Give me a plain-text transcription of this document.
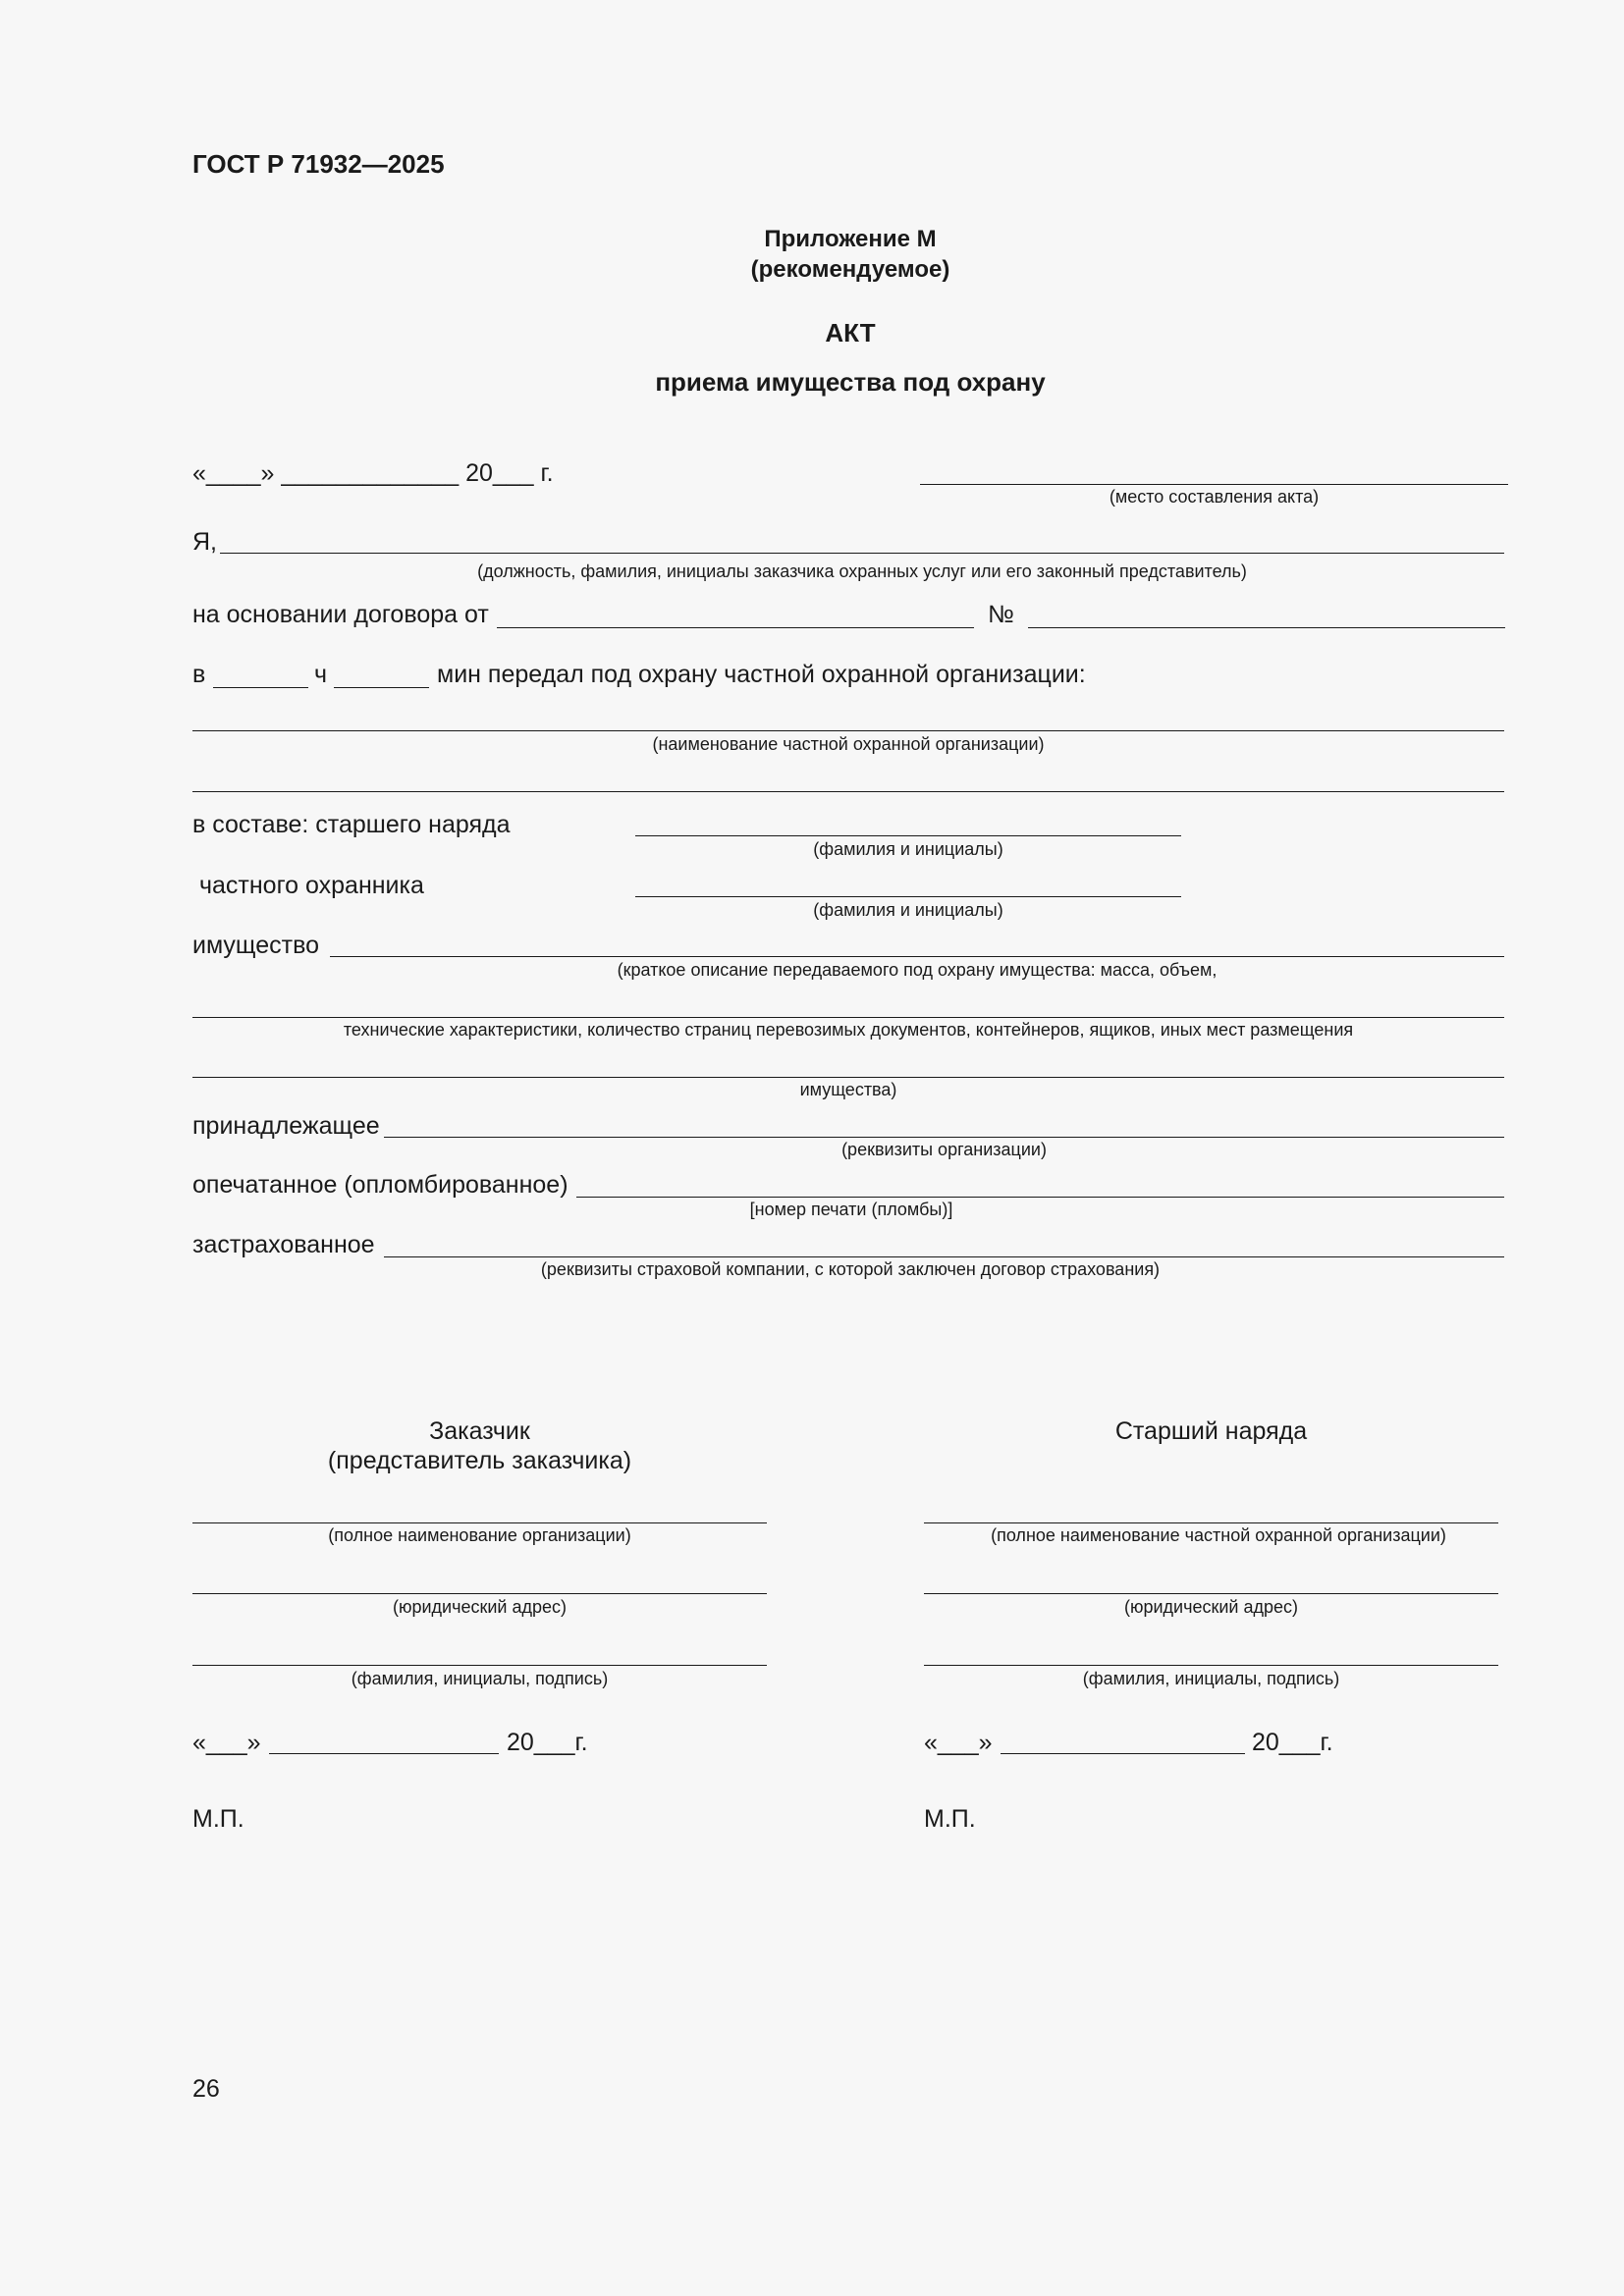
ГОСТ Р 71932—2025
Приложение М
(рекомендуемое)
АКТ
приема имущества под охрану
«____» _____________ 20___ г.
(место составления акта)
Я,
(должность, фамилия, инициалы заказчика охранных услуг или его законный представитель)
на основании договора от	№
в	ч	мин передал под охрану частной охранной организации:
(наименование частной охранной организации)
в составе: старшего наряда
(фамилия и инициалы)
частного охранника
(фамилия и инициалы)
имущество
(краткое описание передаваемого под охрану имущества: масса, объем,
технические характеристики, количество страниц перевозимых документов, контейнеров, ящиков, иных мест размещения
имущества)
принадлежащее
(реквизиты организации)
опечатанное (опломбированное)
[номер печати (пломбы)]
застрахованное
(реквизиты страховой компании, с которой заключен договор страхования)
Заказчик
(представитель заказчика)
(полное наименование организации)
(юридический адрес)
(фамилия, инициалы, подпись)
«___»	20___г.
М.П.
Старший наряда
(полное наименование частной охранной организации)
(юридический адрес)
(фамилия, инициалы, подпись)
«___»	20___г.
М.П.
26
